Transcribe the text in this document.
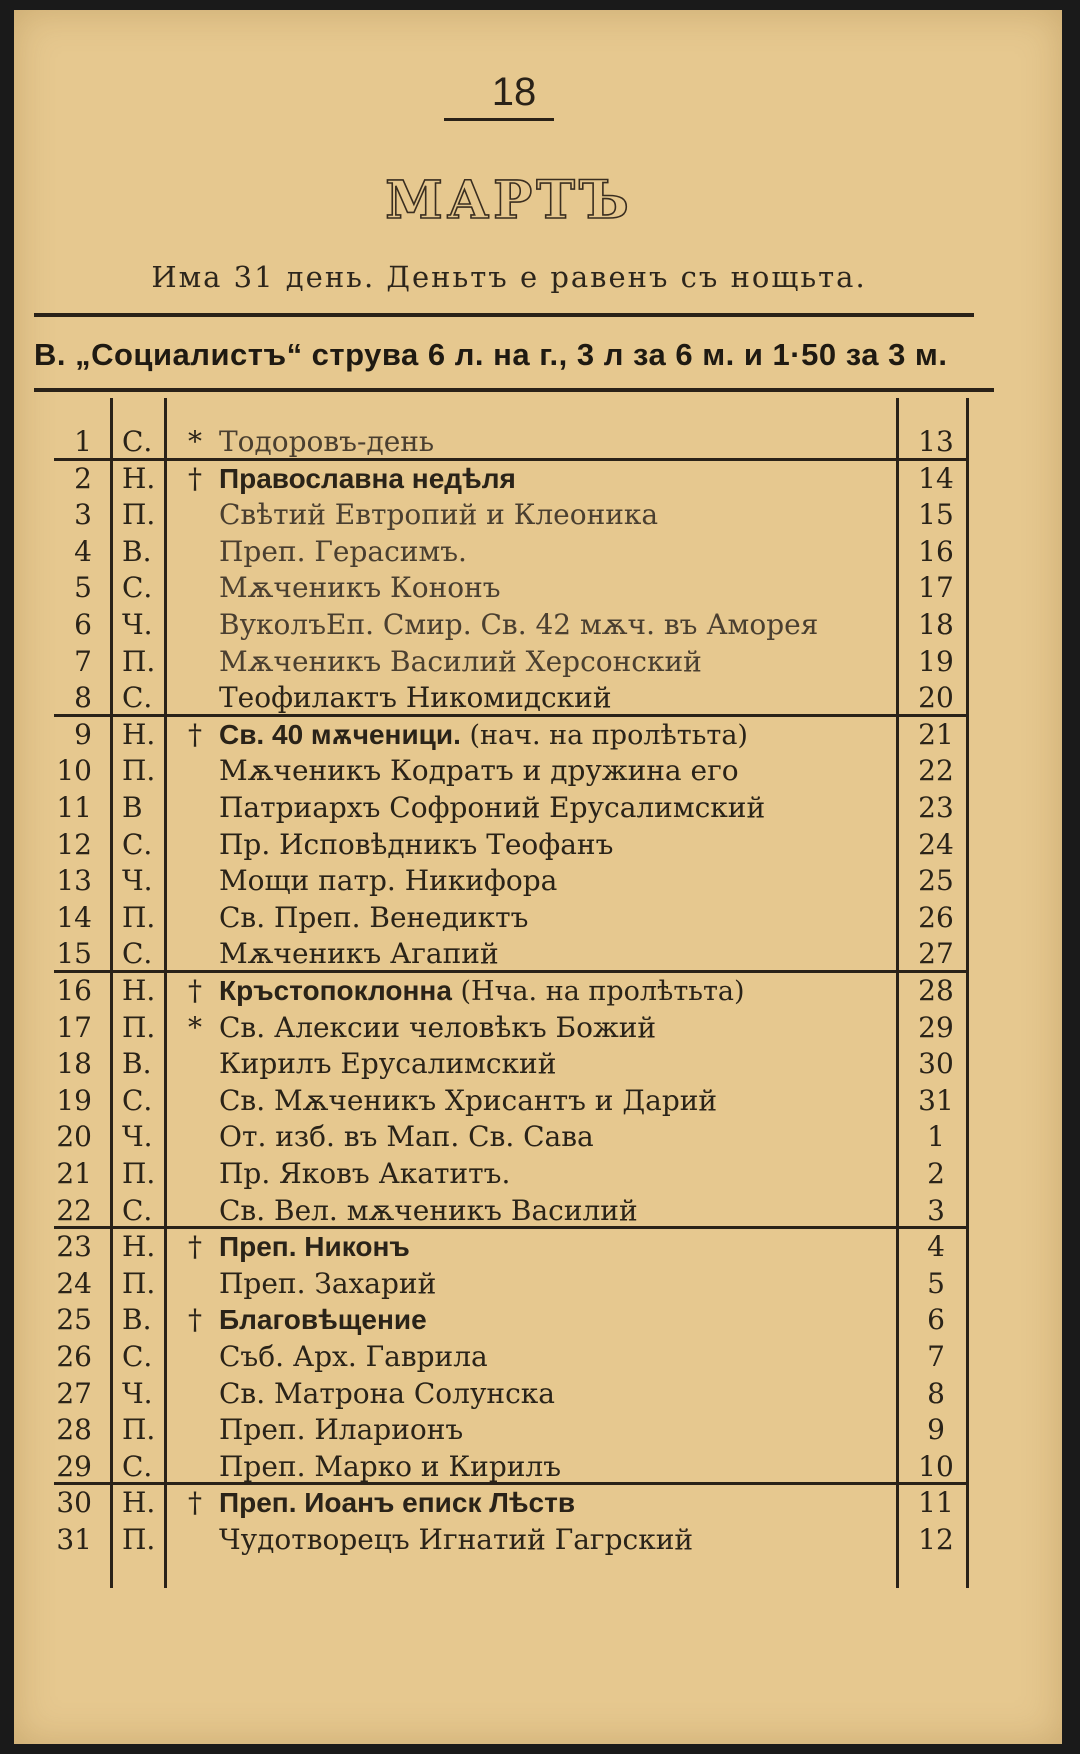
18
МАРТЪ
Има 31 день. Деньтъ е равенъ съ нощьта.
В. „Социалистъ“ струва 6 л. на г., 3 л за 6 м. и 1·50 за 3 м.
1 С.	* Тодоровъ-день	13
2 Н. † Православна недѣля	14
3 П. Свѣтий Евтропий и Клеоника	15
4 В.	Преп. Герасимъ.	16
5 С.	Мѫченикъ Кононъ	17
6 Ч.	ВуколъЕп. Смир. Св. 42 мѫч. въ Аморея	18
7 П. Мѫченикъ Василий Херсонский	19
8 С.	Теофилактъ Никомидский	20
9 Н. † Св. 40 мѫченици. (нач. на пролѣтьта)	21
10 П. Мѫченикъ Кодратъ и дружина его	22
11 В	Патриархъ Софроний Ерусалимский	23
12 С.	Пр. Исповѣдникъ Теофанъ	24
13 Ч.	Мощи патр. Никифора	25
14 П. Св. Преп. Венедиктъ	26
15 С.	Мѫченикъ Агапий	27
16 Н. † Кръстопоклонна (Нча. на пролѣтьта)	28
17 П. * Св. Алексии человѣкъ Божий	29
18 В.	Кирилъ Ерусалимский	30
19 С.	Св. Мѫченикъ Хрисантъ и Дарий	31
20 Ч.	От. изб. въ Мап. Св. Сава	1
21 П. Пр. Яковъ Акатитъ.	2
22 С.	Св. Вел. мѫченикъ Василий	3
23 Н. † Преп. Никонъ	4
24 П. Преп. Захарий	5
25 В.	† Благовѣщение	6
26 С.	Съб. Арх. Гаврила	7
27 Ч.	Св. Матрона Солунска	8
28 П. Преп. Иларионъ	9
29 С.	Преп. Марко и Кирилъ	10
30 Н. † Преп. Иоанъ еписк Лѣств	11
31 П. Чудотворецъ Игнатий Гагрский	12
